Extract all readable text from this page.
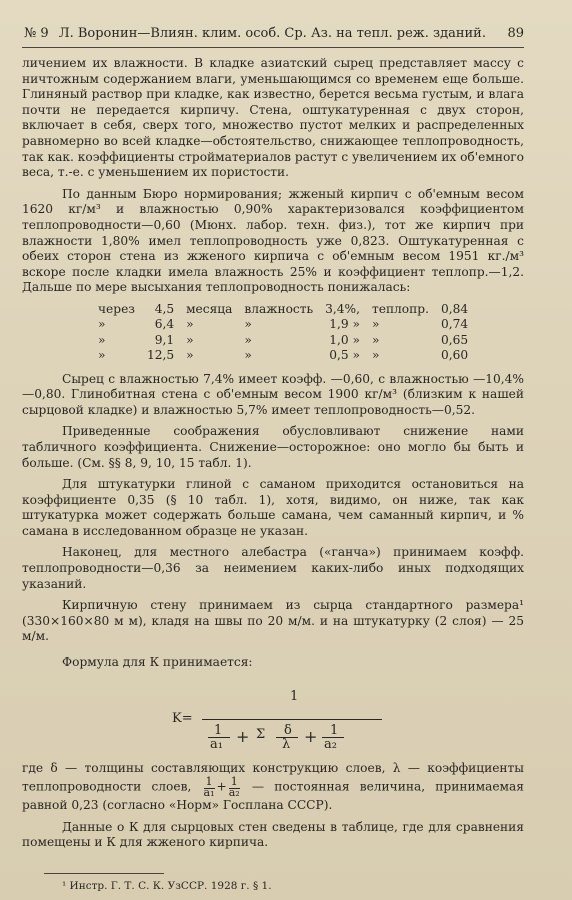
№ 9 Л. Воронин—Влиян. клим. особ. Ср. Аз. на тепл. реж. зданий. 89

личением их влажности. В кладке азиатский сырец представляет массу с ничтожным содержанием влаги, уменьшающимся со временем еще больше. Глиняный раствор при кладке, как известно, берется весьма густым, и влага почти не передается кирпичу. Стена, оштукатуренная с двух сторон, включает в себя, сверх того, множество пустот мелких и распределенных равномерно во всей кладке—обстоятельство, снижающее теплопроводность, так как. коэффициенты стройматериалов растут с увеличением их об'емного веса, т.-е. с уменьшением их пористости.

По данным Бюро нормирования; жженый кирпич с об'емным весом 1620 кг/м³ и влажностью 0,90% характеризовался коэффициентом теплопроводности—0,60 (Мюнх. лабор. техн. физ.), тот же кирпич при влажности 1,80% имел теплопроводность уже 0,823. Оштукатуренная с обеих сторон стена из жженого кирпича с об'емным весом 1951 кг./м³ вскоре после кладки имела влажность 25% и коэффициент теплопр.—1,2. Дальше по мере высыхания теплопроводность понижалась:

через	4,5	месяца	влажность	3,4%,	теплопр.	0,84
»	6,4	»	»	1,9 »	»	0,74
»	9,1	»	»	1,0 »	»	0,65
»	12,5	»	»	0,5 »	»	0,60

Сырец с влажностью 7,4% имеет коэфф. —0,60, с влажностью —10,4%—0,80. Глинобитная стена с об'емным весом 1900 кг/м³ (близким к нашей сырцовой кладке) и влажностью 5,7% имеет теплопроводность—0,52.

Приведенные соображения обусловливают снижение нами табличного коэффициента. Снижение—осторожное: оно могло бы быть и больше. (См. §§ 8, 9, 10, 15 табл. 1).

Для штукатурки глиной с саманом приходится остановиться на коэффициенте 0,35 (§ 10 табл. 1), хотя, видимо, он ниже, так как штукатурка может содержать больше самана, чем саманный кирпич, и % самана в исследованном образце не указан.

Наконец, для местного алебастра («ганча») принимаем коэфф. теплопроводности—0,36 за неимением каких-либо иных подходящих указаний.

Кирпичную стену принимаем из сырца стандартного размера¹ (330×160×80 м м), кладя на швы по 20 м/м. и на штукатурку (2 слоя) — 25 м/м.

Формула для К принимается:
K=
1
1
a₁ + Σ δ
λ + 1
a₂

где δ — толщины составляющих конструкцию слоев, λ — коэффициенты теплопроводности слоев, $\frac{1}{\text{a₁}} + \frac{1}{\text{a₂}}$ — постоянная величина, принимаемая равной 0,23 (согласно «Норм» Госплана СССР).

Данные о К для сырцовых стен сведены в таблице, где для сравнения помещены и К для жженого кирпича.

¹ Инстр. Г. Т. С. К. УзССР. 1928 г. § 1.
